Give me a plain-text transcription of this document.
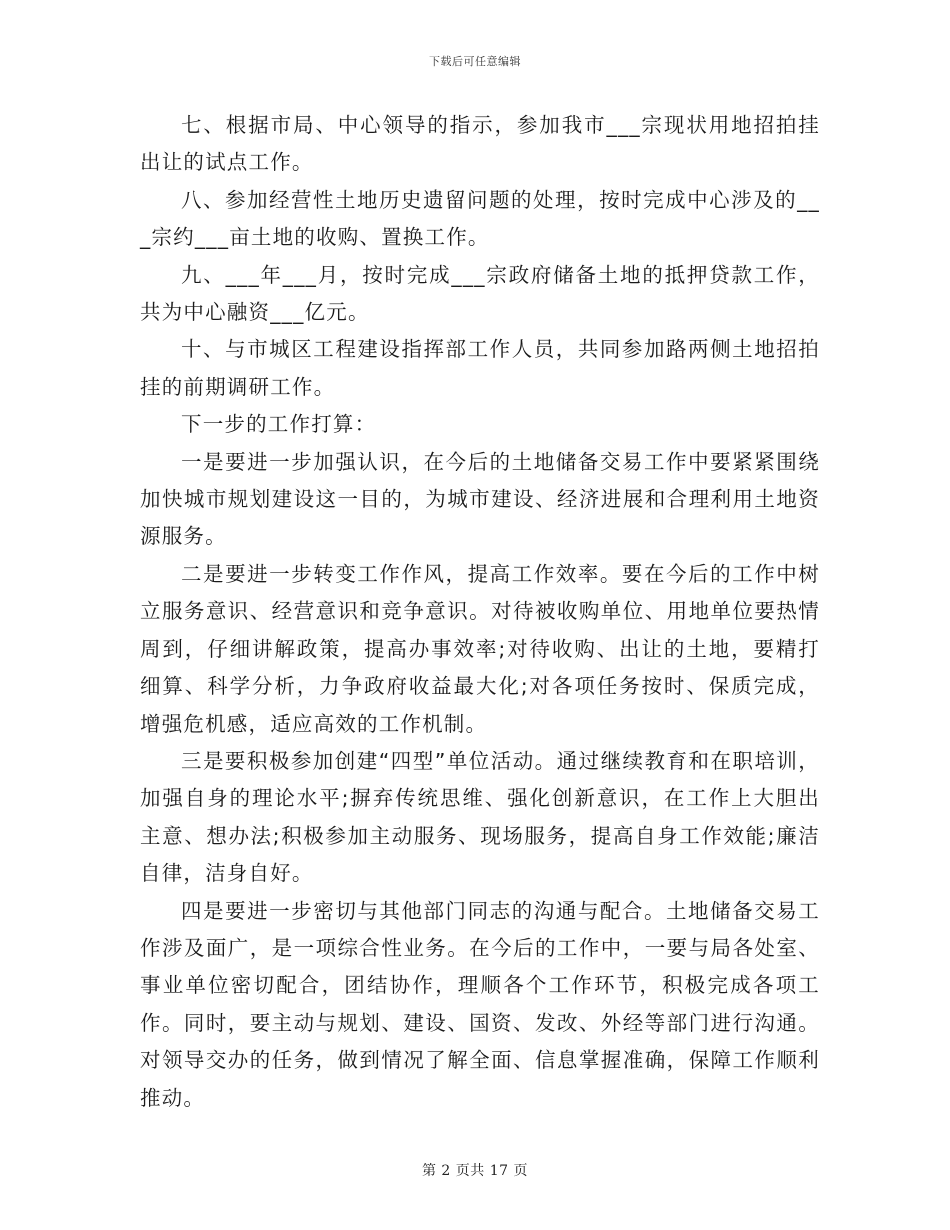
下载后可任意编辑

七、根据市局、中心领导的指示，参加我市___宗现状用地招拍挂出让的试点工作。

八、参加经营性土地历史遗留问题的处理，按时完成中心涉及的___宗约___亩土地的收购、置换工作。

九、___年___月，按时完成___宗政府储备土地的抵押贷款工作，共为中心融资___亿元。

十、与市城区工程建设指挥部工作人员，共同参加路两侧土地招拍挂的前期调研工作。

下一步的工作打算：

一是要进一步加强认识，在今后的土地储备交易工作中要紧紧围绕加快城市规划建设这一目的，为城市建设、经济进展和合理利用土地资源服务。

二是要进一步转变工作作风，提高工作效率。要在今后的工作中树立服务意识、经营意识和竞争意识。对待被收购单位、用地单位要热情周到，仔细讲解政策，提高办事效率;对待收购、出让的土地，要精打细算、科学分析，力争政府收益最大化;对各项任务按时、保质完成，增强危机感，适应高效的工作机制。

三是要积极参加创建“四型”单位活动。通过继续教育和在职培训，加强自身的理论水平;摒弃传统思维、强化创新意识，在工作上大胆出主意、想办法;积极参加主动服务、现场服务，提高自身工作效能;廉洁自律，洁身自好。

四是要进一步密切与其他部门同志的沟通与配合。土地储备交易工作涉及面广，是一项综合性业务。在今后的工作中，一要与局各处室、事业单位密切配合，团结协作，理顺各个工作环节，积极完成各项工作。同时，要主动与规划、建设、国资、发改、外经等部门进行沟通。对领导交办的任务，做到情况了解全面、信息掌握准确，保障工作顺利推动。

第 2 页共 17 页
